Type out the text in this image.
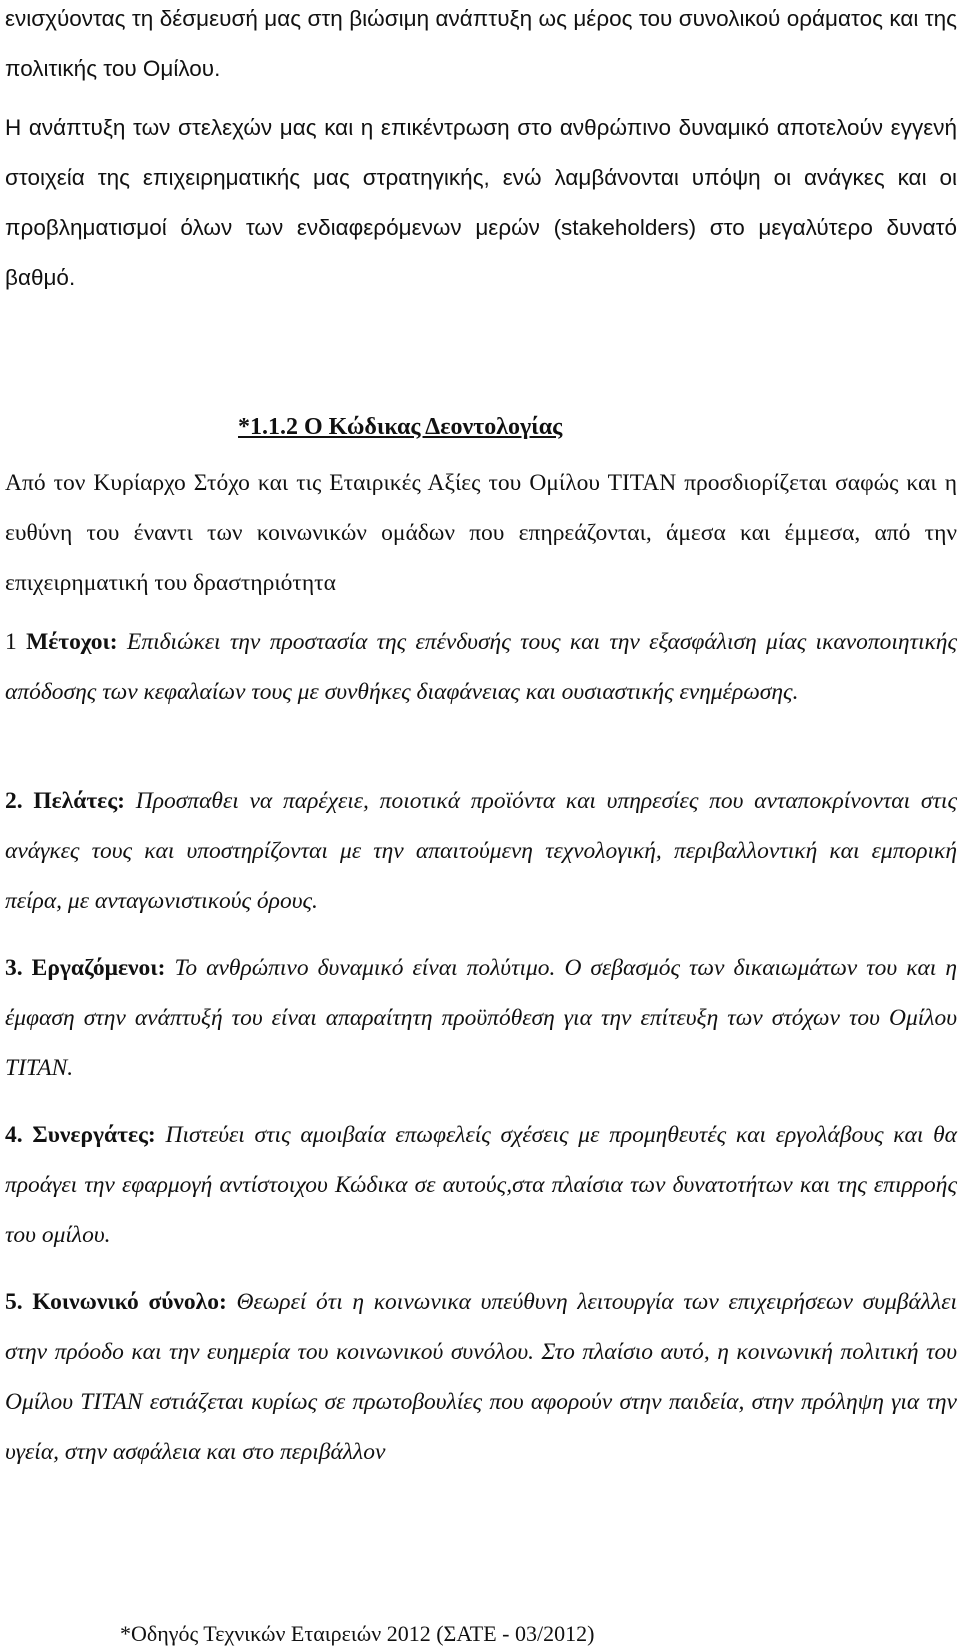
ενισχύοντας τη δέσμευσή μας στη βιώσιμη ανάπτυξη ως μέρος του συνολικού οράματος και της πολιτικής του Ομίλου.

Η ανάπτυξη των στελεχών μας και η επικέντρωση στο ανθρώπινο δυναμικό αποτελούν εγγενή στοιχεία της επιχειρηματικής μας στρατηγικής, ενώ λαμβάνονται υπόψη οι ανάγκες και οι προβληματισμοί όλων των ενδιαφερόμενων μερών (stakeholders) στο μεγαλύτερο δυνατό βαθμό.

*1.1.2 Ο Κώδικας Δεοντολογίας

Από τον Κυρίαρχο Στόχο και τις Εταιρικές Αξίες του Ομίλου ΤΙΤΑΝ προσδιορίζεται σαφώς και η ευθύνη του έναντι των κοινωνικών ομάδων που επηρεάζονται, άμεσα και έμμεσα, από την επιχειρηματική του δραστηριότητα

1 Μέτοχοι: Επιδιώκει την προστασία της επένδυσής τους και την εξασφάλιση μίας ικανοποιητικής απόδοσης των κεφαλαίων τους με συνθήκες διαφάνειας και ουσιαστικής ενημέρωσης.

2. Πελάτες: Προσπαθει να παρέχειε, ποιοτικά προϊόντα και υπηρεσίες που ανταποκρίνονται στις ανάγκες τους και υποστηρίζονται με την απαιτούμενη τεχνολογική, περιβαλλοντική και εμπορική πείρα, με ανταγωνιστικούς όρους.

3. Εργαζόμενοι: Το ανθρώπινο δυναμικό είναι πολύτιμο. Ο σεβασμός των δικαιωμάτων του και η έμφαση στην ανάπτυξή του είναι απαραίτητη προϋπόθεση για την επίτευξη των στόχων του Ομίλου ΤΙΤΑΝ.

4. Συνεργάτες: Πιστεύει στις αμοιβαία επωφελείς σχέσεις με προμηθευτές και εργολάβους και θα προάγει την εφαρμογή αντίστοιχου Κώδικα σε αυτούς,στα πλαίσια των δυνατοτήτων και της επιρροής του ομίλου.

5. Κοινωνικό σύνολο: Θεωρεί ότι η κοινωνικα υπεύθυνη λειτουργία των επιχειρήσεων συμβάλλει στην πρόοδο και την ευημερία του κοινωνικού συνόλου. Στο πλαίσιο αυτό, η κοινωνική πολιτική του Ομίλου ΤΙΤΑΝ εστιάζεται κυρίως σε πρωτοβουλίες που αφορούν στην παιδεία, στην πρόληψη για την υγεία, στην ασφάλεια και στο περιβάλλον

*Οδηγός Τεχνικών Εταιρειών 2012 (ΣΑΤΕ - 03/2012)
